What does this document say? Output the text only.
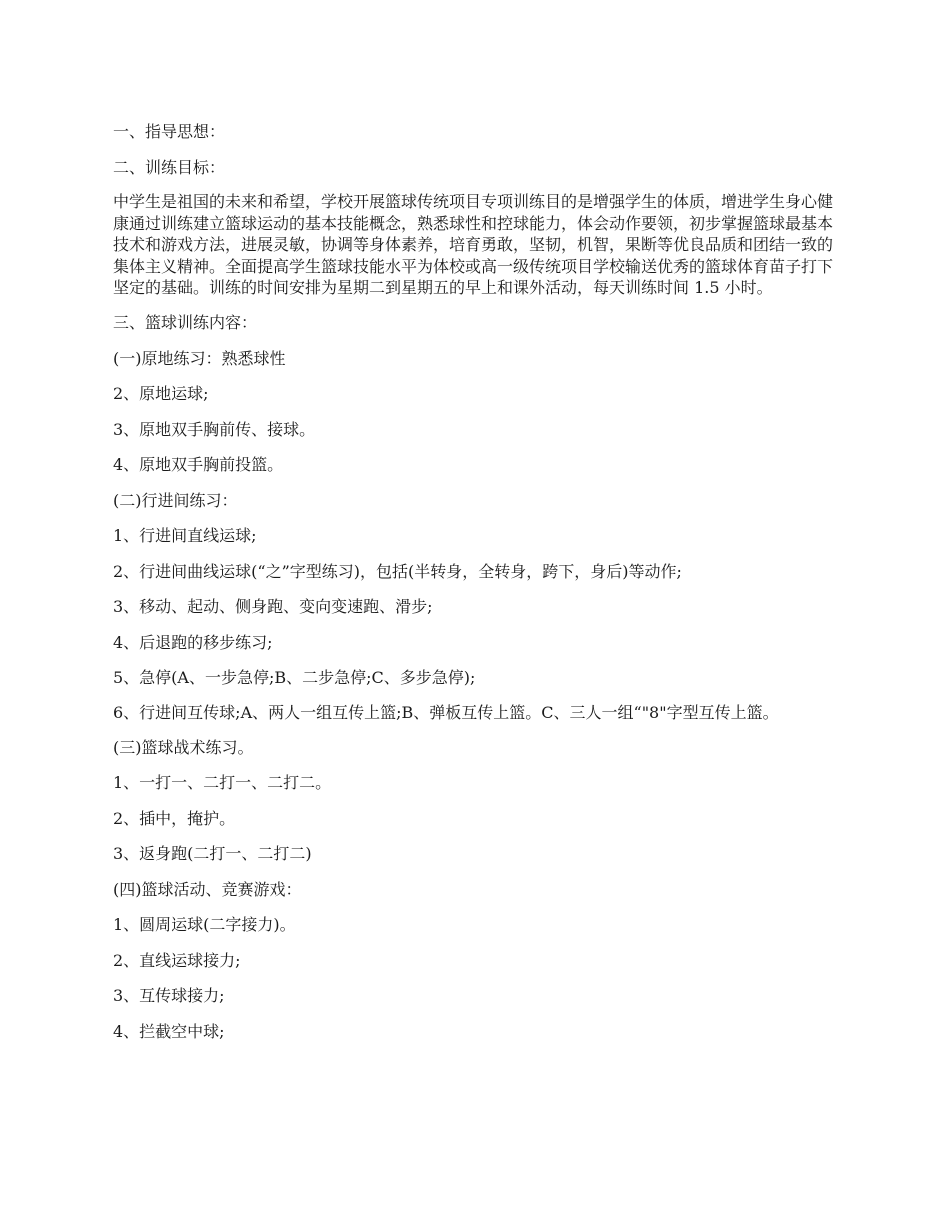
一、指导思想：

二、训练目标：

中学生是祖国的未来和希望，学校开展篮球传统项目专项训练目的是增强学生的体质，增进学生身心健康通过训练建立篮球运动的基本技能概念，熟悉球性和控球能力，体会动作要领，初步掌握篮球最基本技术和游戏方法，进展灵敏，协调等身体素养，培育勇敢，坚韧，机智，果断等优良品质和团结一致的集体主义精神。全面提高学生篮球技能水平为体校或高一级传统项目学校输送优秀的篮球体育苗子打下坚定的基础。训练的时间安排为星期二到星期五的早上和课外活动，每天训练时间 1.5 小时。

三、篮球训练内容：

(一)原地练习：熟悉球性

2、原地运球;

3、原地双手胸前传、接球。

4、原地双手胸前投篮。

(二)行进间练习：

1、行进间直线运球;

2、行进间曲线运球(“之”字型练习)，包括(半转身，全转身，跨下，身后)等动作;

3、移动、起动、侧身跑、变向变速跑、滑步;

4、后退跑的移步练习;

5、急停(A、一步急停;B、二步急停;C、多步急停);

6、行进间互传球;A、两人一组互传上篮;B、弹板互传上篮。C、三人一组“"8"字型互传上篮。

(三)篮球战术练习。

1、一打一、二打一、二打二。

2、插中，掩护。

3、返身跑(二打一、二打二)

(四)篮球活动、竞赛游戏：

1、圆周运球(二字接力)。

2、直线运球接力;

3、互传球接力;

4、拦截空中球;
